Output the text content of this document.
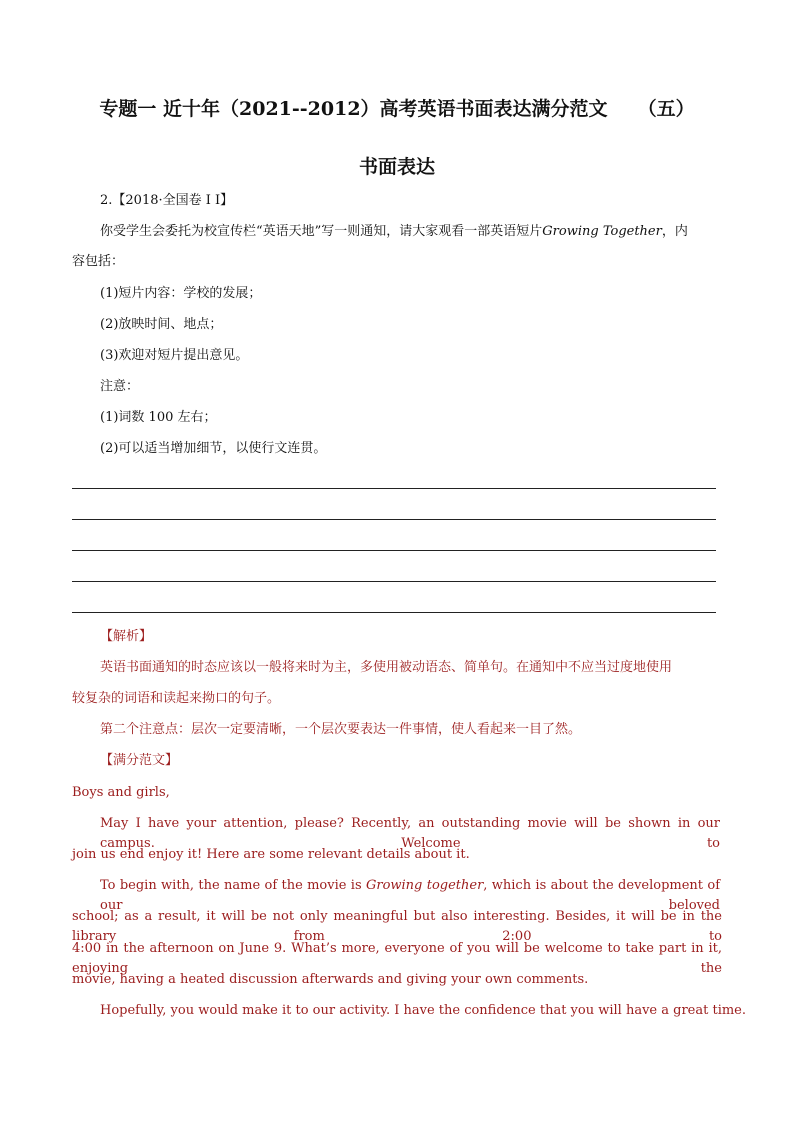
专题一 近十年（2021--2012）高考英语书面表达满分范文 （五）
书面表达
2.【2018·全国卷 I I】
你受学生会委托为校宣传栏“英语天地”写一则通知，请大家观看一部英语短片Growing Together，内
容包括：
(1)短片内容：学校的发展；
(2)放映时间、地点；
(3)欢迎对短片提出意见。
注意：
(1)词数 100 左右；
(2)可以适当增加细节，以使行文连贯。
【解析】
英语书面通知的时态应该以一般将来时为主，多使用被动语态、简单句。在通知中不应当过度地使用
较复杂的词语和读起来拗口的句子。
第二个注意点：层次一定要清晰，一个层次要表达一件事情，使人看起来一目了然。
【满分范文】
Boys and girls,
May I have your attention, please? Recently, an outstanding movie will be shown in our campus. Welcome to
join us end enjoy it! Here are some relevant details about it.
To begin with, the name of the movie is Growing together, which is about the development of our beloved
school; as a result, it will be not only meaningful but also interesting. Besides, it will be in the library from 2:00 to
4:00 in the afternoon on June 9. What’s more, everyone of you will be welcome to take part in it, enjoying the
movie, having a heated discussion afterwards and giving your own comments.
Hopefully, you would make it to our activity. I have the confidence that you will have a great time.
